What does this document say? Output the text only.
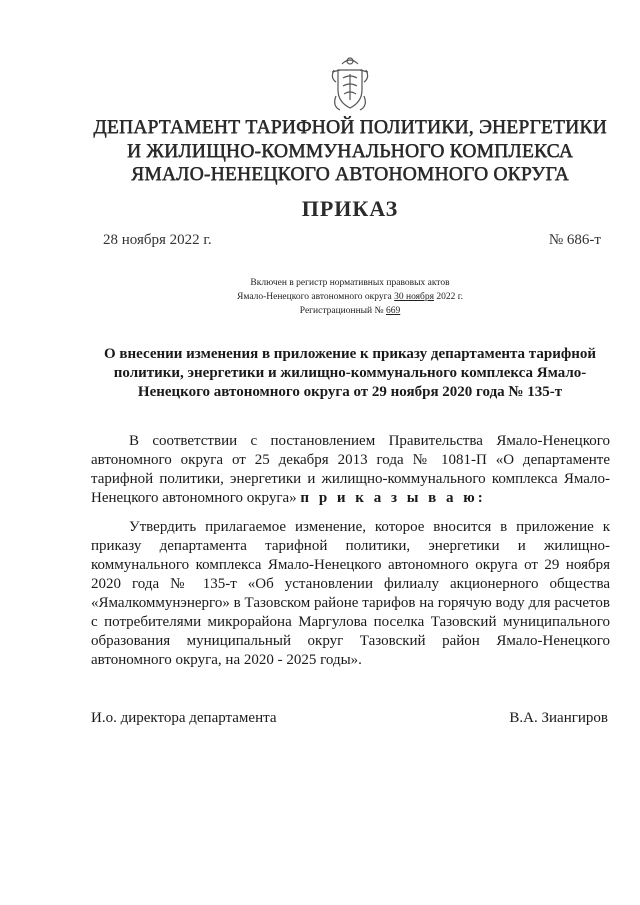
ДЕПАРТАМЕНТ ТАРИФНОЙ ПОЛИТИКИ, ЭНЕРГЕТИКИ
И ЖИЛИЩНО-КОММУНАЛЬНОГО КОМПЛЕКСА
ЯМАЛО-НЕНЕЦКОГО АВТОНОМНОГО ОКРУГА
ПРИКАЗ
28 ноября 2022 г.	№ 686-т
Включен в регистр нормативных правовых актов
Ямало-Ненецкого автономного округа 30 ноября 2022 г.
Регистрационный № 669
О внесении изменения в приложение к приказу департамента тарифной политики, энергетики и жилищно-коммунального комплекса Ямало-Ненецкого автономного округа от 29 ноября 2020 года № 135-т
В соответствии с постановлением Правительства Ямало-Ненецкого автономного округа от 25 декабря 2013 года № 1081-П «О департаменте тарифной политики, энергетики и жилищно-коммунального комплекса Ямало-Ненецкого автономного округа» п р и к а з ы в а ю:
Утвердить прилагаемое изменение, которое вносится в приложение к приказу департамента тарифной политики, энергетики и жилищно-коммунального комплекса Ямало-Ненецкого автономного округа от 29 ноября 2020 года № 135-т «Об установлении филиалу акционерного общества «Ямалкоммунэнерго» в Тазовском районе тарифов на горячую воду для расчетов с потребителями микрорайона Маргулова поселка Тазовский муниципального образования муниципальный округ Тазовский район Ямало-Ненецкого автономного округа, на 2020 - 2025 годы».
И.о. директора департамента	В.А. Зиангиров
